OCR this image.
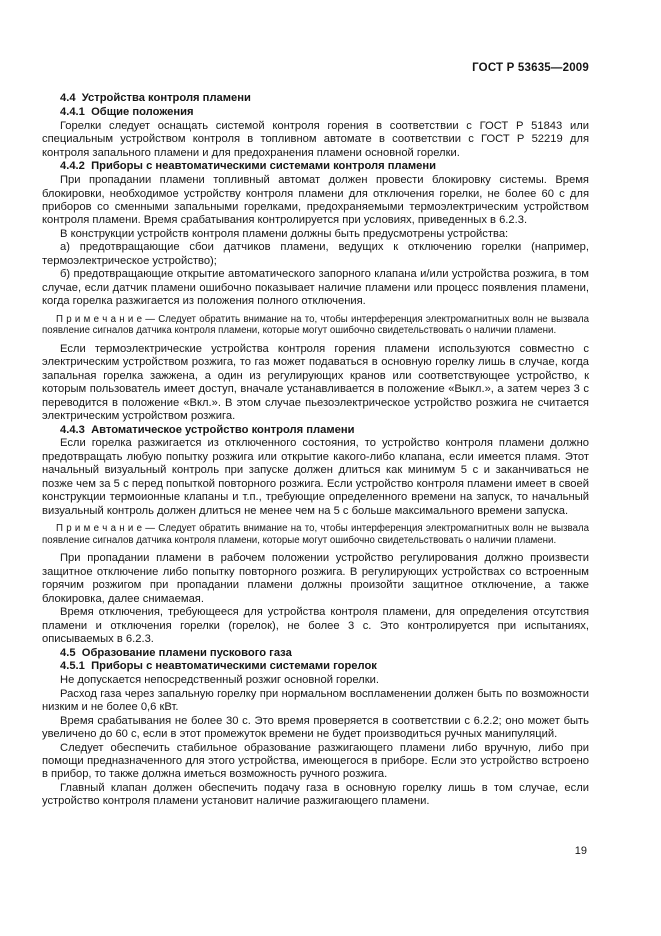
ГОСТ Р 53635—2009
4.4  Устройства контроля пламени
4.4.1  Общие положения
Горелки следует оснащать системой контроля горения в соответствии с ГОСТ Р 51843 или специальным устройством контроля в топливном автомате в соответствии с ГОСТ Р 52219 для контроля запального пламени и для предохранения пламени основной горелки.
4.4.2  Приборы с неавтоматическими системами контроля пламени
При пропадании пламени топливный автомат должен провести блокировку системы. Время блокировки, необходимое устройству контроля пламени для отключения горелки, не более 60 с для приборов со сменными запальными горелками, предохраняемыми термоэлектрическим устройством контроля пламени. Время срабатывания контролируется при условиях, приведенных в 6.2.3.
В конструкции устройств контроля пламени должны быть предусмотрены устройства:
а) предотвращающие сбои датчиков пламени, ведущих к отключению горелки (например, термоэлектрическое устройство);
б) предотвращающие открытие автоматического запорного клапана и/или устройства розжига, в том случае, если датчик пламени ошибочно показывает наличие пламени или процесс появления пламени, когда горелка разжигается из положения полного отключения.
П р и м е ч а н и е — Следует обратить внимание на то, чтобы интерференция электромагнитных волн не вызвала появление сигналов датчика контроля пламени, которые могут ошибочно свидетельствовать о наличии пламени.
Если термоэлектрические устройства контроля горения пламени используются совместно с электрическим устройством розжига, то газ может подаваться в основную горелку лишь в случае, когда запальная горелка зажжена, а один из регулирующих кранов или соответствующее устройство, к которым пользователь имеет доступ, вначале устанавливается в положение «Выкл.», а затем через 3 с переводится в положение «Вкл.». В этом случае пьезоэлектрическое устройство розжига не считается электрическим устройством розжига.
4.4.3  Автоматическое устройство контроля пламени
Если горелка разжигается из отключенного состояния, то устройство контроля пламени должно предотвращать любую попытку розжига или открытие какого-либо клапана, если имеется пламя. Этот начальный визуальный контроль при запуске должен длиться как минимум 5 с и заканчиваться не позже чем за 5 с перед попыткой повторного розжига. Если устройство контроля пламени имеет в своей конструкции термоионные клапаны и т.п., требующие определенного времени на запуск, то начальный визуальный контроль должен длиться не менее чем на 5 с больше максимального времени запуска.
П р и м е ч а н и е — Следует обратить внимание на то, чтобы интерференция электромагнитных волн не вызвала появление сигналов датчика контроля пламени, которые могут ошибочно свидетельствовать о наличии пламени.
При пропадании пламени в рабочем положении устройство регулирования должно произвести защитное отключение либо попытку повторного розжига. В регулирующих устройствах со встроенным горячим розжигом при пропадании пламени должны произойти защитное отключение, а также блокировка, далее снимаемая.
Время отключения, требующееся для устройства контроля пламени, для определения отсутствия пламени и отключения горелки (горелок), не более 3 с. Это контролируется при испытаниях, описываемых в 6.2.3.
4.5  Образование пламени пускового газа
4.5.1  Приборы с неавтоматическими системами горелок
Не допускается непосредственный розжиг основной горелки.
Расход газа через запальную горелку при нормальном воспламенении должен быть по возможности низким и не более 0,6 кВт.
Время срабатывания не более 30 с. Это время проверяется в соответствии с 6.2.2; оно может быть увеличено до 60 с, если в этот промежуток времени не будет производиться ручных манипуляций.
Следует обеспечить стабильное образование разжигающего пламени либо вручную, либо при помощи предназначенного для этого устройства, имеющегося в приборе. Если это устройство встроено в прибор, то также должна иметься возможность ручного розжига.
Главный клапан должен обеспечить подачу газа в основную горелку лишь в том случае, если устройство контроля пламени установит наличие разжигающего пламени.
19
